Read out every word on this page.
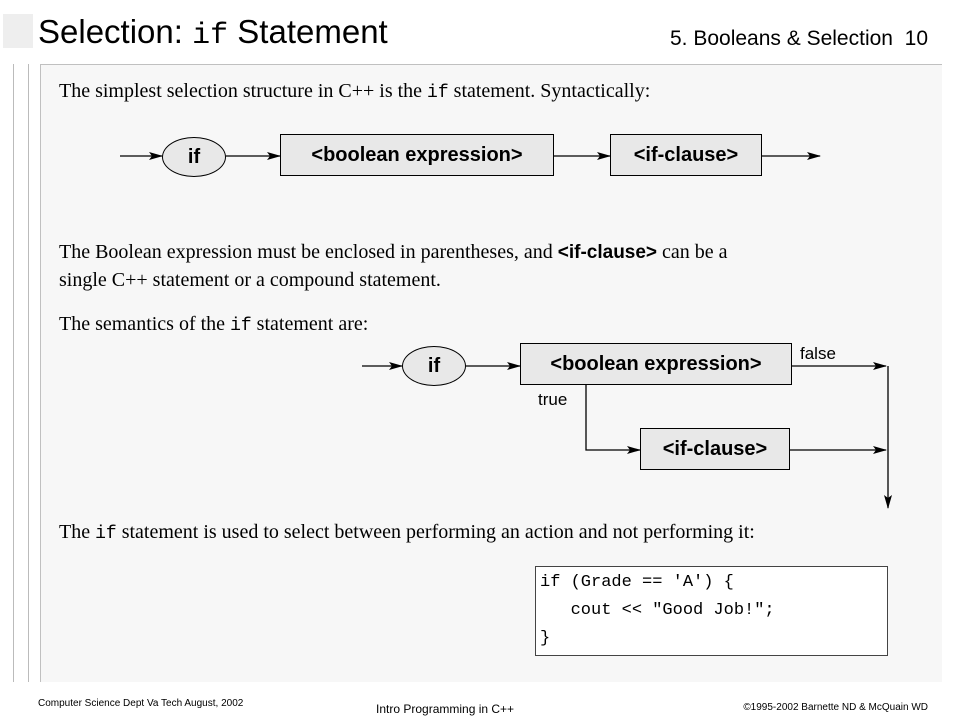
Selection: if Statement	5. Booleans & Selection 10
The simplest selection structure in C++ is the if statement. Syntactically:
if	<boolean expression>	<if-clause>
The Boolean expression must be enclosed in parentheses, and <if-clause> can be a
single C++ statement or a compound statement.
The semantics of the if statement are:
if	<boolean expression>
<if-clause>
false
true
The if statement is used to select between performing an action and not performing it:
if (Grade == 'A') {
cout << "Good Job!";
}
Computer Science Dept Va Tech August, 2002	Intro Programming in C++	©1995-2002 Barnette ND & McQuain WD
